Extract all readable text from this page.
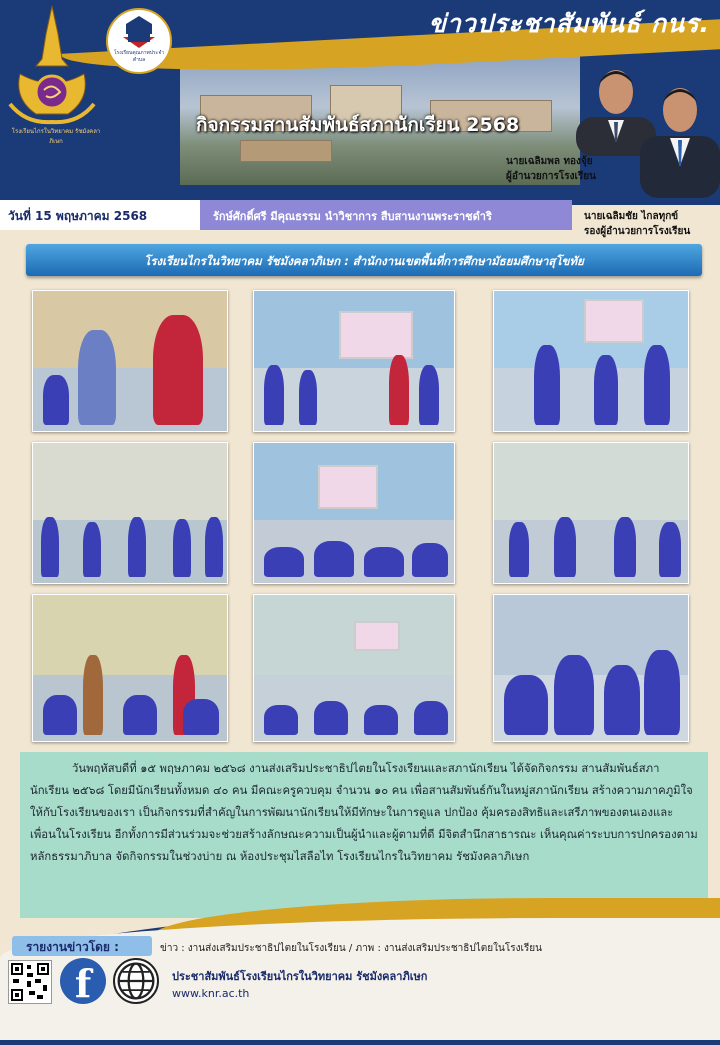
ข่าวประชาสัมพันธ์ กนร.
โรงเรียนไกรในวิทยาคม รัชมังคลาภิเษก
โรงเรียนคุณภาพประจำตำบล
กิจกรรมสานสัมพันธ์สภานักเรียน 2568
นายเฉลิมพล ทองจุ้ย
ผู้อำนวยการโรงเรียน
วันที่ 15 พฤษภาคม 2568	รักษ์ศักดิ์ศรี มีคุณธรรม นำวิชาการ สืบสานงานพระราชดำริ	นายเฉลิมชัย ไกลทุกข์
รองผู้อำนวยการโรงเรียน
โรงเรียนไกรในวิทยาคม รัชมังคลาภิเษก : สำนักงานเขตพื้นที่การศึกษามัธยมศึกษาสุโขทัย

วันพฤหัสบดีที่ ๑๕ พฤษภาคม ๒๕๖๘ งานส่งเสริมประชาธิปไตยในโรงเรียนและสภานักเรียน ได้จัดกิจกรรม สานสัมพันธ์สภานักเรียน ๒๕๖๘ โดยมีนักเรียนทั้งหมด ๔๐ คน มีคณะครูควบคุม จำนวน ๑๐ คน เพื่อสานสัมพันธ์กันในหมู่สภานักเรียน สร้างความภาคภูมิใจให้กับโรงเรียนของเรา เป็นกิจกรรมที่สำคัญในการพัฒนานักเรียนให้มีทักษะในการดูแล ปกป้อง คุ้มครองสิทธิและเสรีภาพของตนเองและเพื่อนในโรงเรียน อีกทั้งการมีส่วนร่วมจะช่วยสร้างลักษณะความเป็นผู้นำและผู้ตามที่ดี มีจิตสำนึกสาธารณะ เห็นคุณค่าระบบการปกครองตามหลักธรรมาภิบาล จัดกิจกรรมในช่วงบ่าย ณ ห้องประชุมไสลือไท โรงเรียนไกรในวิทยาคม รัชมังคลาภิเษก

รายงานข่าวโดย :	ข่าว : งานส่งเสริมประชาธิปไตยในโรงเรียน / ภาพ : งานส่งเสริมประชาธิปไตยในโรงเรียน
f	ประชาสัมพันธ์โรงเรียนไกรในวิทยาคม รัชมังคลาภิเษก
www.knr.ac.th
